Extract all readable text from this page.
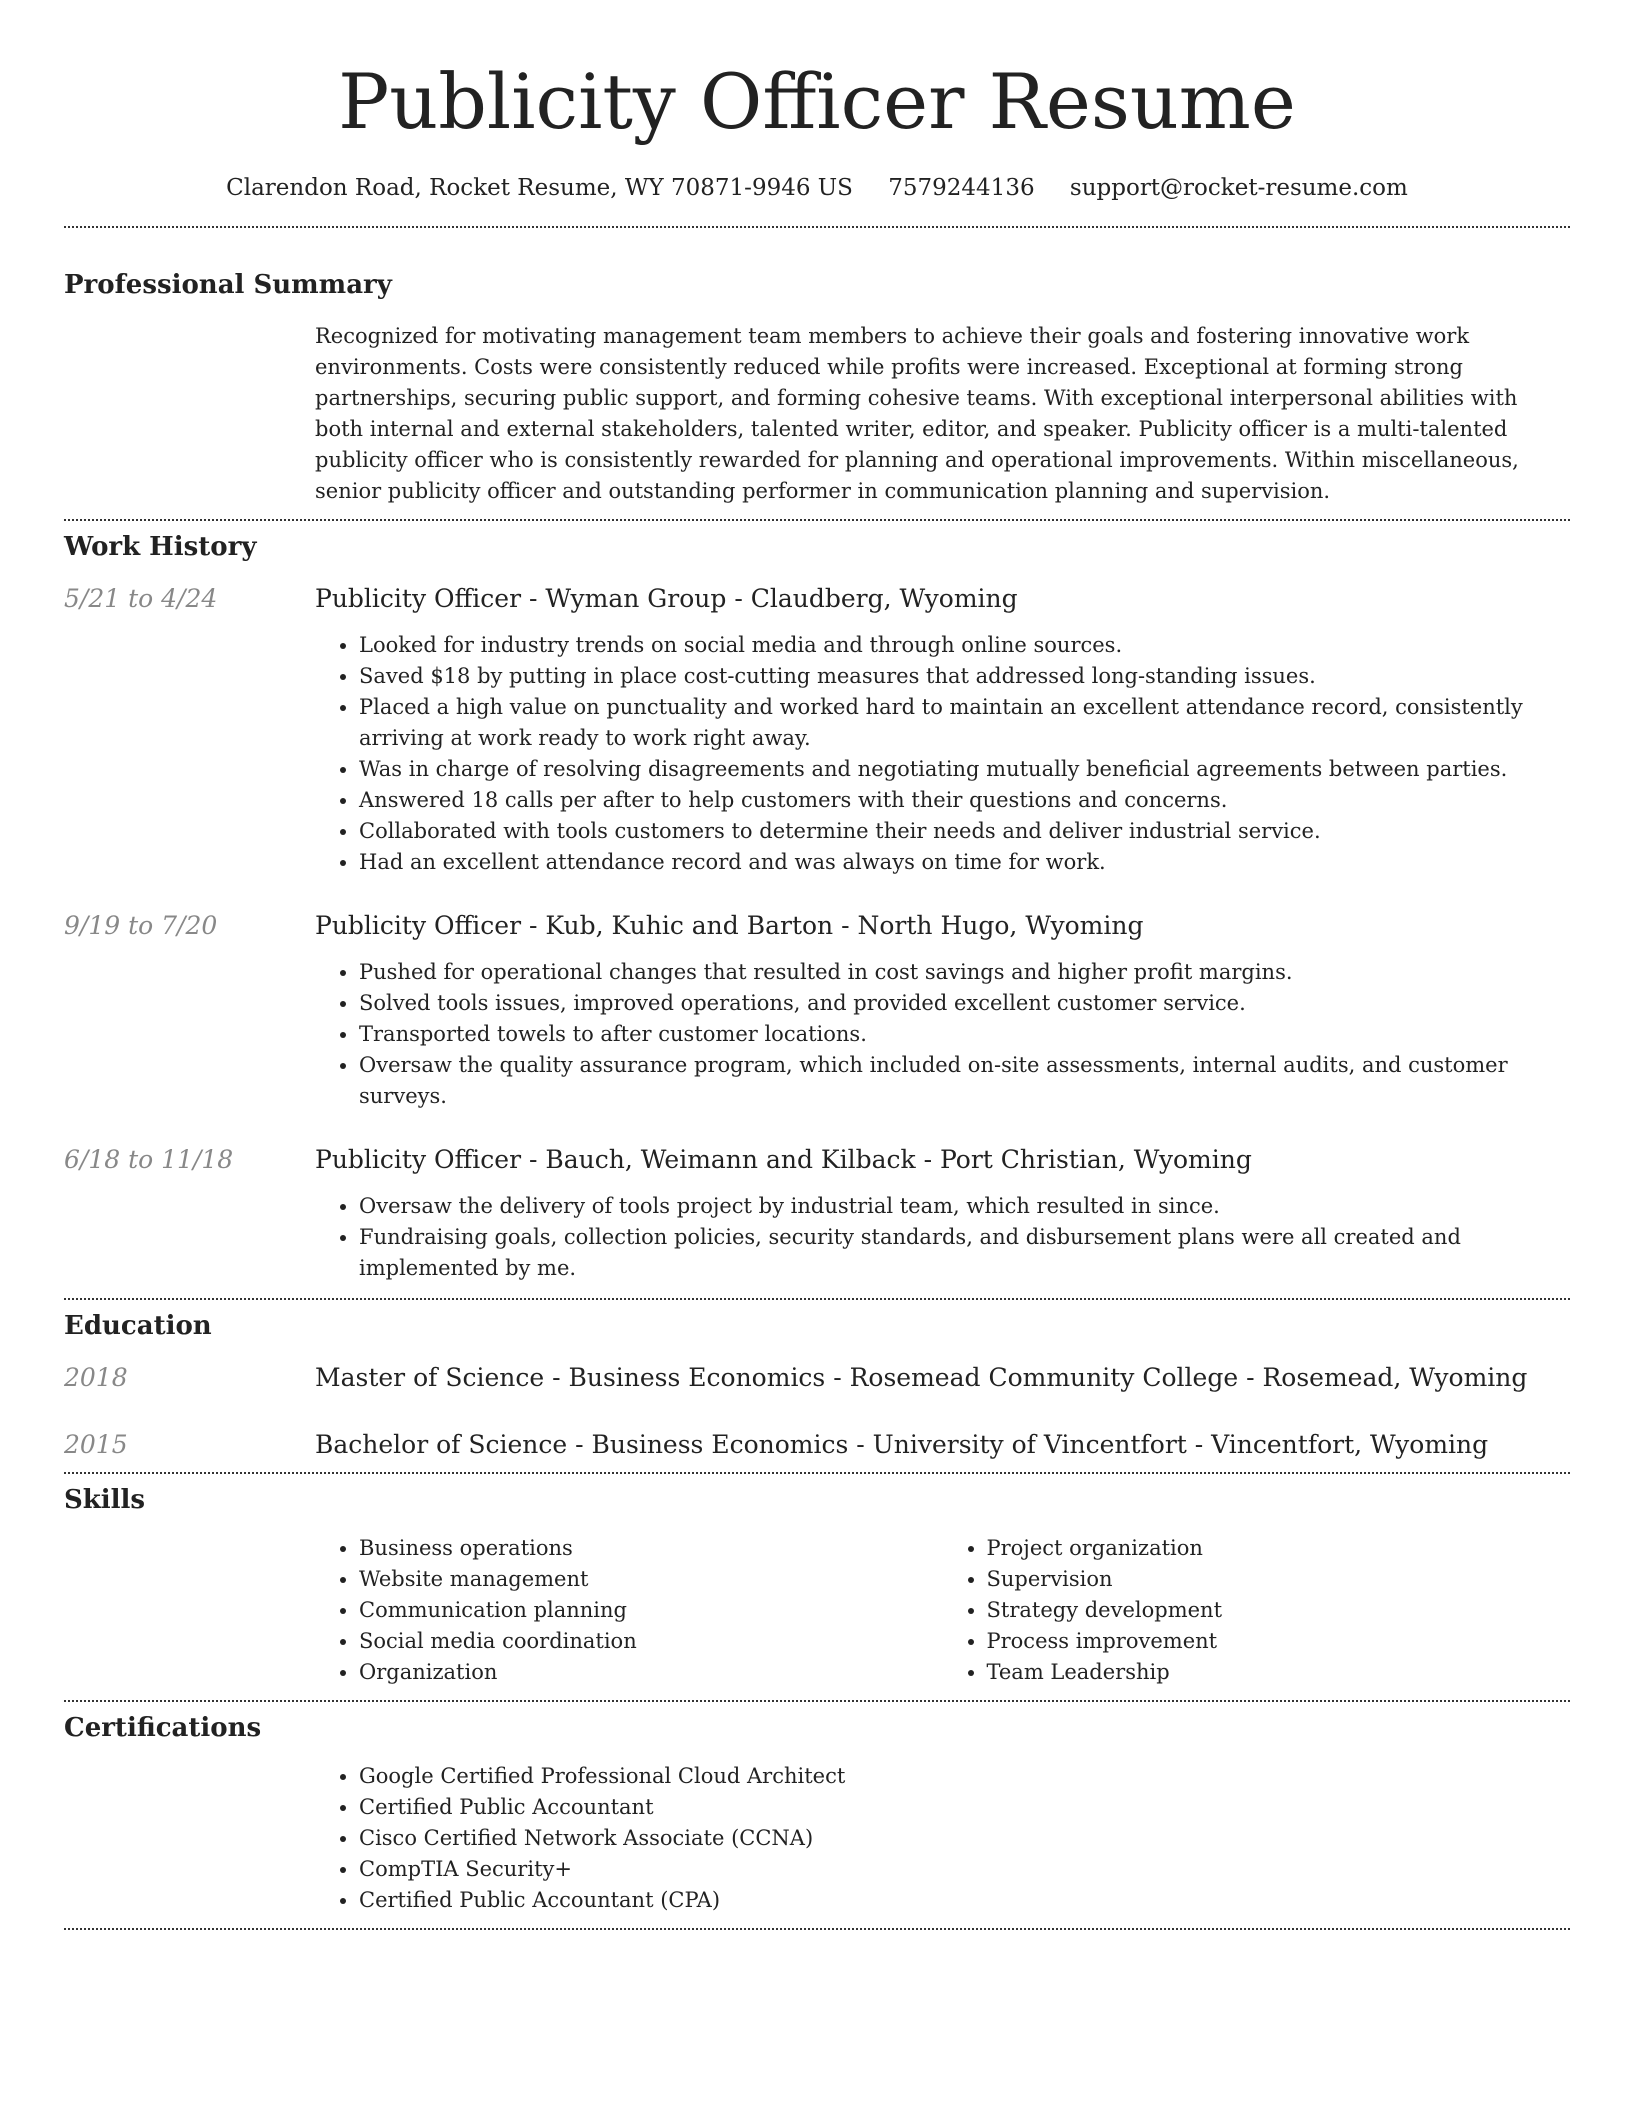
Publicity Officer Resume
Clarendon Road, Rocket Resume, WY 70871-9946 US 7579244136 support@rocket-resume.com
Professional Summary

Recognized for motivating management team members to achieve their goals and fostering innovative work environments. Costs were consistently reduced while profits were increased. Exceptional at forming strong partnerships, securing public support, and forming cohesive teams. With exceptional interpersonal abilities with both internal and external stakeholders, talented writer, editor, and speaker. Publicity officer is a multi-talented publicity officer who is consistently rewarded for planning and operational improvements. Within miscellaneous, senior publicity officer and outstanding performer in communication planning and supervision.

Work History
5/21 to 4/24	Publicity Officer - Wyman Group - Claudberg, Wyoming
• Looked for industry trends on social media and through online sources.
• Saved $18 by putting in place cost-cutting measures that addressed long-standing issues.
• Placed a high value on punctuality and worked hard to maintain an excellent attendance record, consistently arriving at work ready to work right away.
• Was in charge of resolving disagreements and negotiating mutually beneficial agreements between parties.
• Answered 18 calls per after to help customers with their questions and concerns.
• Collaborated with tools customers to determine their needs and deliver industrial service.
• Had an excellent attendance record and was always on time for work.
9/19 to 7/20	Publicity Officer - Kub, Kuhic and Barton - North Hugo, Wyoming
• Pushed for operational changes that resulted in cost savings and higher profit margins.
• Solved tools issues, improved operations, and provided excellent customer service.
• Transported towels to after customer locations.
• Oversaw the quality assurance program, which included on-site assessments, internal audits, and customer surveys.
6/18 to 11/18	Publicity Officer - Bauch, Weimann and Kilback - Port Christian, Wyoming
• Oversaw the delivery of tools project by industrial team, which resulted in since.
• Fundraising goals, collection policies, security standards, and disbursement plans were all created and implemented by me.
Education
2018	Master of Science - Business Economics - Rosemead Community College - Rosemead, Wyoming
2015	Bachelor of Science - Business Economics - University of Vincentfort - Vincentfort, Wyoming
Skills
• Business operations
• Website management
• Communication planning
• Social media coordination
• Organization
• Project organization
• Supervision
• Strategy development
• Process improvement
• Team Leadership
Certifications
• Google Certified Professional Cloud Architect
• Certified Public Accountant
• Cisco Certified Network Associate (CCNA)
• CompTIA Security+
• Certified Public Accountant (CPA)
